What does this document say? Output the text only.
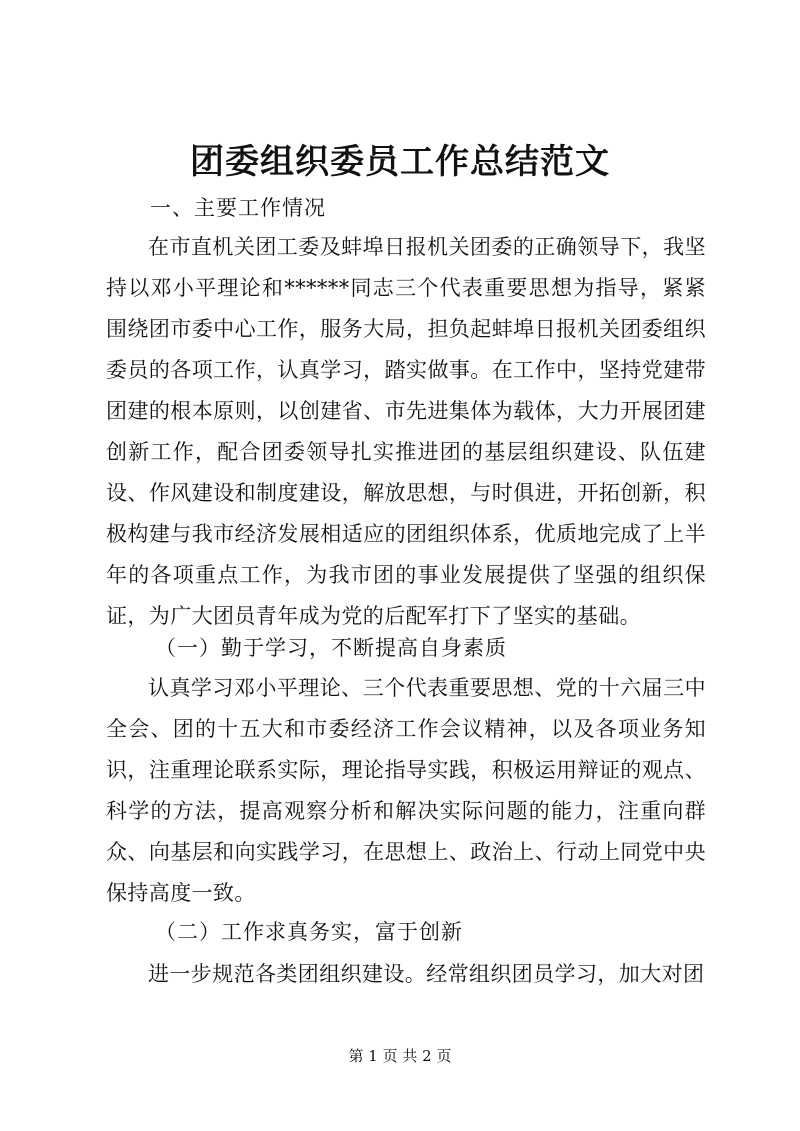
团委组织委员工作总结范文
一、主要工作情况
在市直机关团工委及蚌埠日报机关团委的正确领导下，我坚持以邓小平理论和******同志三个代表重要思想为指导，紧紧围绕团市委中心工作，服务大局，担负起蚌埠日报机关团委组织委员的各项工作，认真学习，踏实做事。在工作中，坚持党建带团建的根本原则，以创建省、市先进集体为载体，大力开展团建创新工作，配合团委领导扎实推进团的基层组织建设、队伍建设、作风建设和制度建设，解放思想，与时俱进，开拓创新，积极构建与我市经济发展相适应的团组织体系，优质地完成了上半年的各项重点工作，为我市团的事业发展提供了坚强的组织保证，为广大团员青年成为党的后配军打下了坚实的基础。
（一）勤于学习，不断提高自身素质
认真学习邓小平理论、三个代表重要思想、党的十六届三中全会、团的十五大和市委经济工作会议精神，以及各项业务知识，注重理论联系实际，理论指导实践，积极运用辩证的观点、科学的方法，提高观察分析和解决实际问题的能力，注重向群众、向基层和向实践学习，在思想上、政治上、行动上同党中央保持高度一致。
（二）工作求真务实，富于创新
进一步规范各类团组织建设。经常组织团员学习，加大对团
第 1 页 共 2 页
